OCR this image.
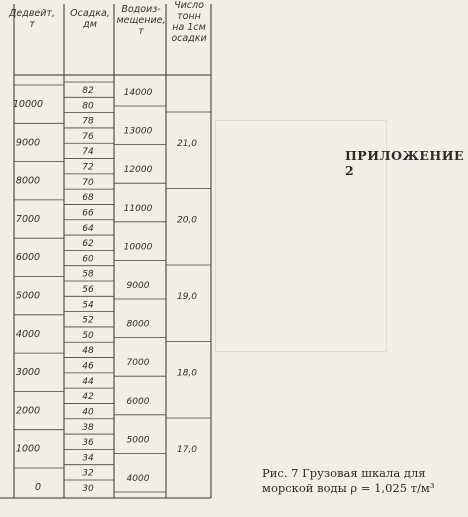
Дедвейт,
т
Осадка,
дм
Водоиз-
мещение,
т
Число
тонн
на 1см
осадки
10000
9000
8000
7000
6000
5000
4000
3000
2000
1000
0
82
80
78
76
74
72
70
68
66
64
62
60
58
56
54
52
50
48
46
44
42
40
38
36
34
32
30
14000
13000
12000
11000
10000
9000
8000
7000
6000
5000
4000
21,0
20,0
19,0
18,0
17,0
ПРИЛОЖЕНИЕ 2
Рис. 7 Грузовая шкала для
морской воды ρ = 1,025 т/м³
